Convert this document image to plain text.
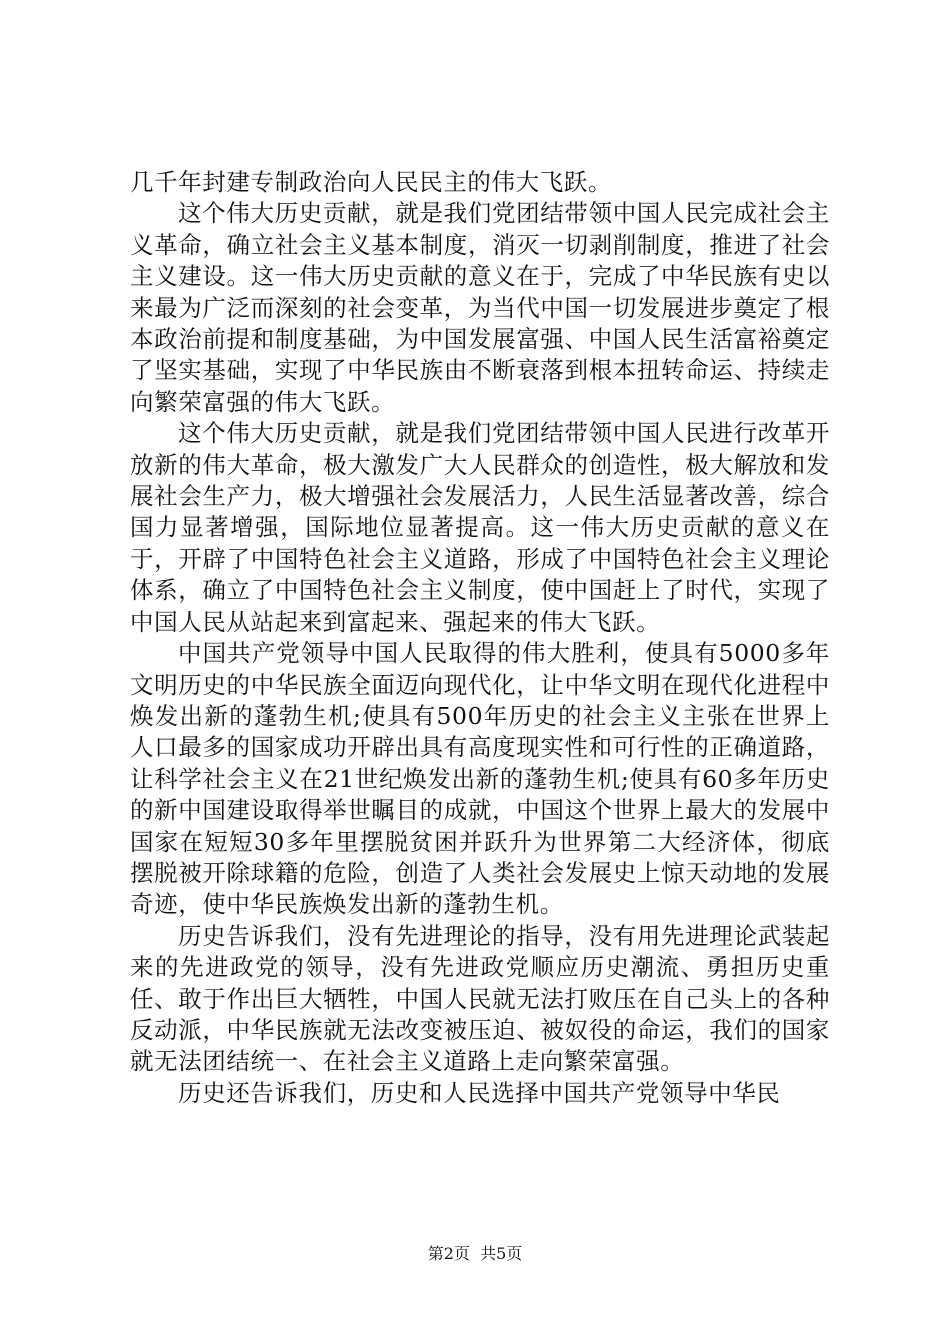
几千年封建专制政治向人民民主的伟大飞跃。

这个伟大历史贡献，就是我们党团结带领中国人民完成社会主义革命，确立社会主义基本制度，消灭一切剥削制度，推进了社会主义建设。这一伟大历史贡献的意义在于，完成了中华民族有史以来最为广泛而深刻的社会变革，为当代中国一切发展进步奠定了根本政治前提和制度基础，为中国发展富强、中国人民生活富裕奠定了坚实基础，实现了中华民族由不断衰落到根本扭转命运、持续走向繁荣富强的伟大飞跃。

这个伟大历史贡献，就是我们党团结带领中国人民进行改革开放新的伟大革命，极大激发广大人民群众的创造性，极大解放和发展社会生产力，极大增强社会发展活力，人民生活显著改善，综合国力显著增强，国际地位显著提高。这一伟大历史贡献的意义在于，开辟了中国特色社会主义道路，形成了中国特色社会主义理论体系，确立了中国特色社会主义制度，使中国赶上了时代，实现了中国人民从站起来到富起来、强起来的伟大飞跃。

中国共产党领导中国人民取得的伟大胜利，使具有5000多年文明历史的中华民族全面迈向现代化，让中华文明在现代化进程中焕发出新的蓬勃生机;使具有500年历史的社会主义主张在世界上人口最多的国家成功开辟出具有高度现实性和可行性的正确道路，让科学社会主义在21世纪焕发出新的蓬勃生机;使具有60多年历史的新中国建设取得举世瞩目的成就，中国这个世界上最大的发展中国家在短短30多年里摆脱贫困并跃升为世界第二大经济体，彻底摆脱被开除球籍的危险，创造了人类社会发展史上惊天动地的发展奇迹，使中华民族焕发出新的蓬勃生机。

历史告诉我们，没有先进理论的指导，没有用先进理论武装起来的先进政党的领导，没有先进政党顺应历史潮流、勇担历史重任、敢于作出巨大牺牲，中国人民就无法打败压在自己头上的各种反动派，中华民族就无法改变被压迫、被奴役的命运，我们的国家就无法团结统一、在社会主义道路上走向繁荣富强。

历史还告诉我们，历史和人民选择中国共产党领导中华民

第2页 共5页
